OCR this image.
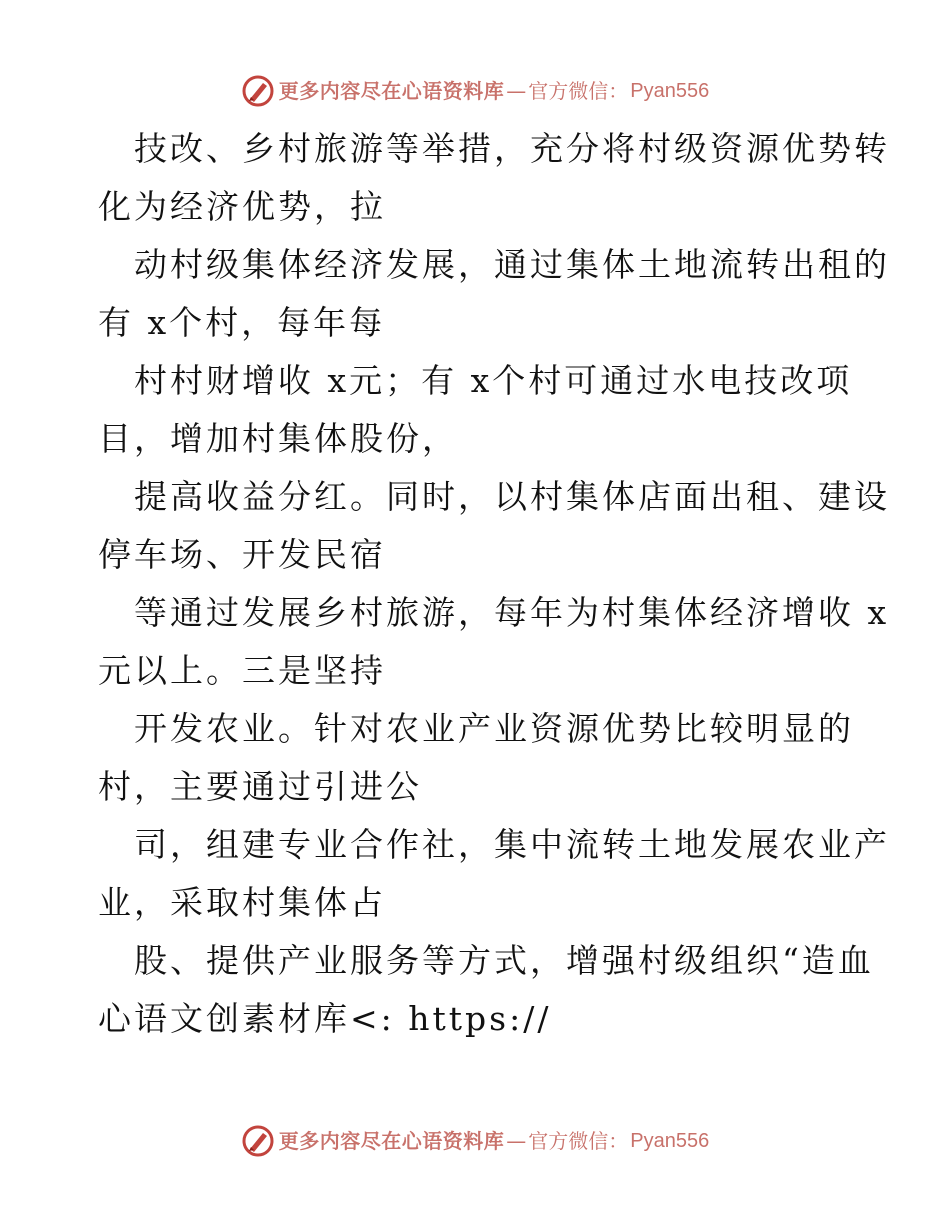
更多内容尽在心语资料库 — 官方微信： Pyan556

技改、乡村旅游等举措，充分将村级资源优势转
化为经济优势，拉

动村级集体经济发展，通过集体土地流转出租的
有 x个村，每年每

村村财增收 x元；有 x个村可通过水电技改项
目，增加村集体股份，

提高收益分红。同时，以村集体店面出租、建设
停车场、开发民宿

等通过发展乡村旅游，每年为村集体经济增收 x
元以上。三是坚持

开发农业。针对农业产业资源优势比较明显的
村，主要通过引进公

司，组建专业合作社，集中流转土地发展农业产
业，采取村集体占

股、提供产业服务等方式，增强村级组织“造血
心语文创素材库<: https://

更多内容尽在心语资料库 — 官方微信： Pyan556
